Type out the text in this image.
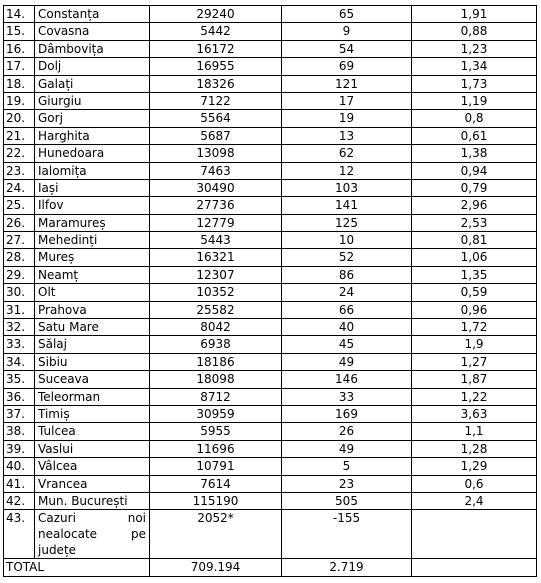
14.	Constanța	29240	65	1,91
15.	Covasna	5442	9	0,88
16.	Dâmbovița	16172	54	1,23
17.	Dolj	16955	69	1,34
18.	Galați	18326	121	1,73
19.	Giurgiu	7122	17	1,19
20.	Gorj	5564	19	0,8
21.	Harghita	5687	13	0,61
22.	Hunedoara	13098	62	1,38
23.	Ialomița	7463	12	0,94
24.	Iași	30490	103	0,79
25.	Ilfov	27736	141	2,96
26.	Maramureș	12779	125	2,53
27.	Mehedinți	5443	10	0,81
28.	Mureș	16321	52	1,06
29.	Neamț	12307	86	1,35
30.	Olt	10352	24	0,59
31.	Prahova	25582	66	0,96
32.	Satu Mare	8042	40	1,72
33.	Sălaj	6938	45	1,9
34.	Sibiu	18186	49	1,27
35.	Suceava	18098	146	1,87
36.	Teleorman	8712	33	1,22
37.	Timiș	30959	169	3,63
38.	Tulcea	5955	26	1,1
39.	Vaslui	11696	49	1,28
40.	Vâlcea	10791	5	1,29
41.	Vrancea	7614	23	0,6
42.	Mun. București	115190	505	2,4
43.	Cazuri noi
nealocate pe
județe	2052*	-155	
TOTAL		709.194	2.719	
